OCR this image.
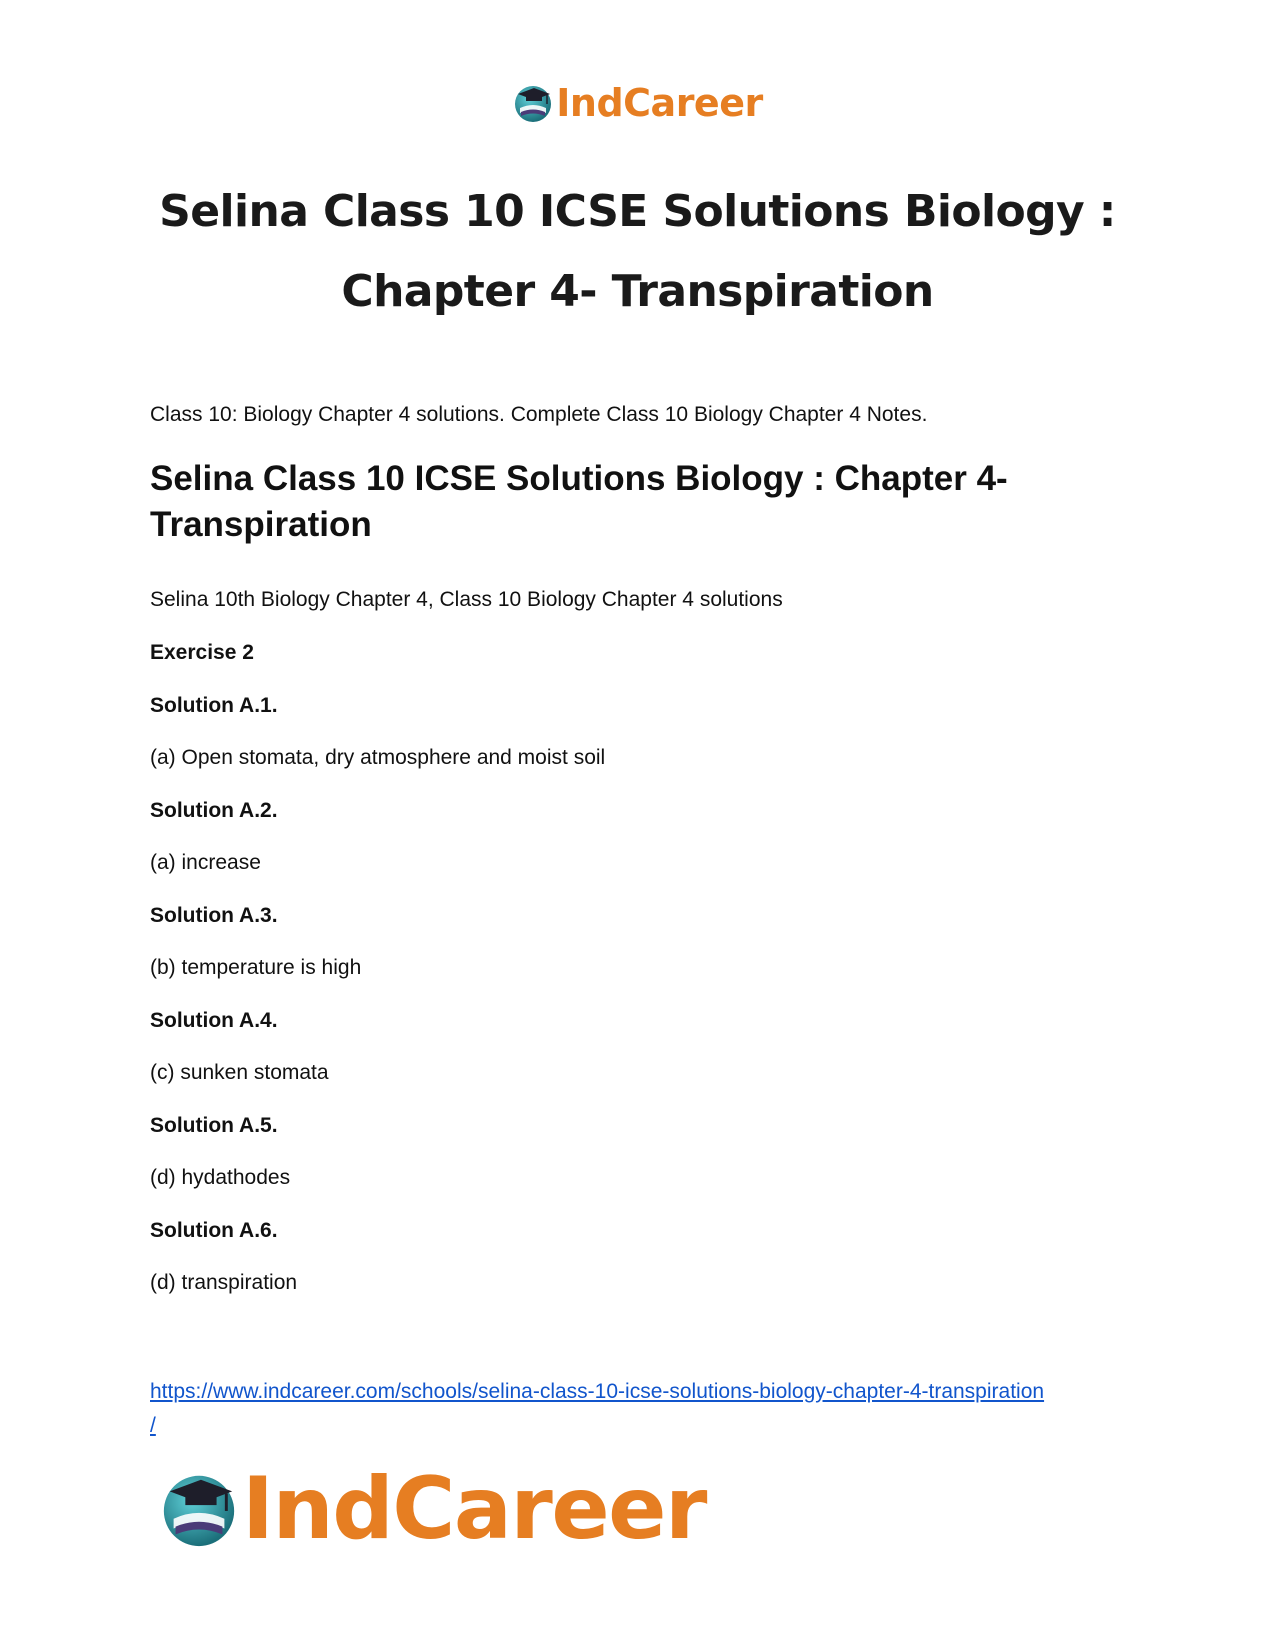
IndCareer
Selina Class 10 ICSE Solutions Biology :
Chapter 4- Transpiration

Class 10: Biology Chapter 4 solutions. Complete Class 10 Biology Chapter 4 Notes.

Selina Class 10 ICSE Solutions Biology : Chapter 4-
Transpiration

Selina 10th Biology Chapter 4, Class 10 Biology Chapter 4 solutions

Exercise 2

Solution A.1.

(a) Open stomata, dry atmosphere and moist soil

Solution A.2.

(a) increase

Solution A.3.

(b) temperature is high

Solution A.4.

(c) sunken stomata

Solution A.5.

(d) hydathodes

Solution A.6.

(d) transpiration

https://www.indcareer.com/schools/selina-class-10-icse-solutions-biology-chapter-4-transpiration
/
IndCareer
